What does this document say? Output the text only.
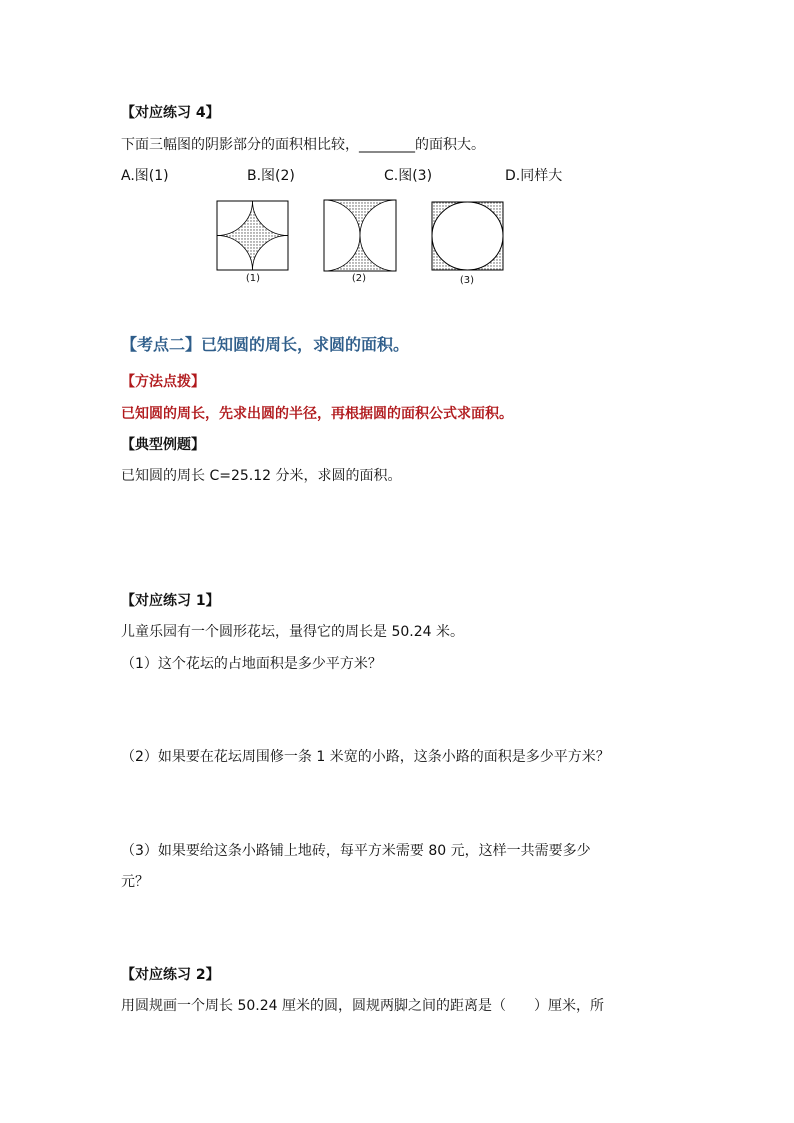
【对应练习 4】
下面三幅图的阴影部分的面积相比较，________的面积大。
A.图(1)	B.图(2)	C.图(3)	D.同样大
(1)	(2)	(3)
【考点二】已知圆的周长，求圆的面积。
【方法点拨】
已知圆的周长，先求出圆的半径，再根据圆的面积公式求面积。
【典型例题】
已知圆的周长 C=25.12 分米，求圆的面积。
【对应练习 1】
儿童乐园有一个圆形花坛，量得它的周长是 50.24 米。
（1）这个花坛的占地面积是多少平方米？
（2）如果要在花坛周围修一条 1 米宽的小路，这条小路的面积是多少平方米？
（3）如果要给这条小路铺上地砖，每平方米需要 80 元，这样一共需要多少
元？
【对应练习 2】
用圆规画一个周长 50.24 厘米的圆，圆规两脚之间的距离是（　　）厘米，所
